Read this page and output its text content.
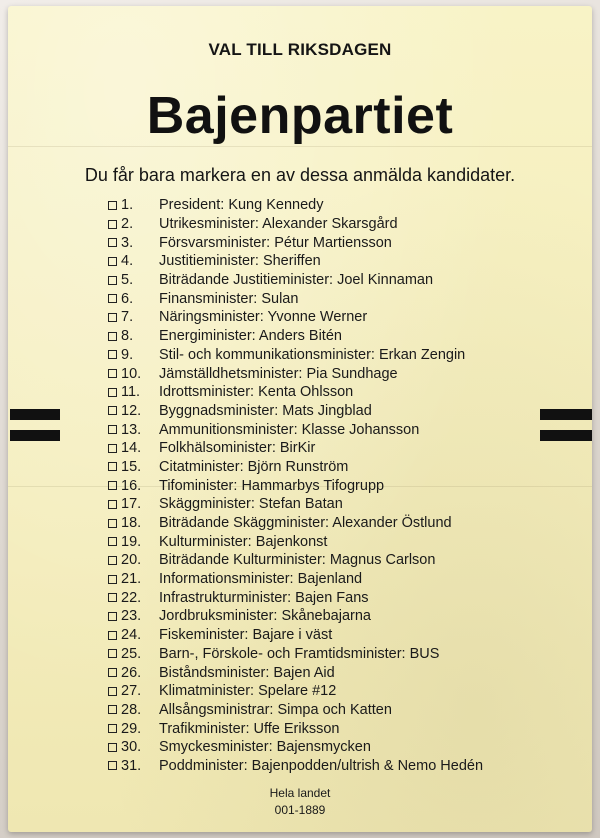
VAL TILL RIKSDAGEN
Bajenpartiet
Du får bara markera en av dessa anmälda kandidater.
1.	President: Kung Kennedy
2.	Utrikesminister: Alexander Skarsgård
3.	Försvarsminister: Pétur Martiensson
4.	Justitieminister: Sheriffen
5.	Biträdande Justitieminister: Joel Kinnaman
6.	Finansminister: Sulan
7.	Näringsminister: Yvonne Werner
8.	Energiminister: Anders Bitén
9.	Stil- och kommunikationsminister: Erkan Zengin
10.	Jämställdhetsminister: Pia Sundhage
11.	Idrottsminister: Kenta Ohlsson
12.	Byggnadsminister: Mats Jingblad
13.	Ammunitionsminister: Klasse Johansson
14.	Folkhälsominister: BirKir
15.	Citatminister: Björn Runström
16.	Tifominister: Hammarbys Tifogrupp
17.	Skäggminister: Stefan Batan
18.	Biträdande Skäggminister: Alexander Östlund
19.	Kulturminister: Bajenkonst
20.	Biträdande Kulturminister: Magnus Carlson
21.	Informationsminister: Bajenland
22.	Infrastrukturminister: Bajen Fans
23.	Jordbruksminister: Skånebajarna
24.	Fiskeminister: Bajare i väst
25.	Barn-, Förskole- och Framtidsminister: BUS
26.	Biståndsminister: Bajen Aid
27.	Klimatminister: Spelare #12
28.	Allsångsministrar: Simpa och Katten
29.	Trafikminister: Uffe Eriksson
30.	Smyckesminister: Bajensmycken
31.	Poddminister: Bajenpodden/ultrish & Nemo Hedén
Hela landet
001-1889
